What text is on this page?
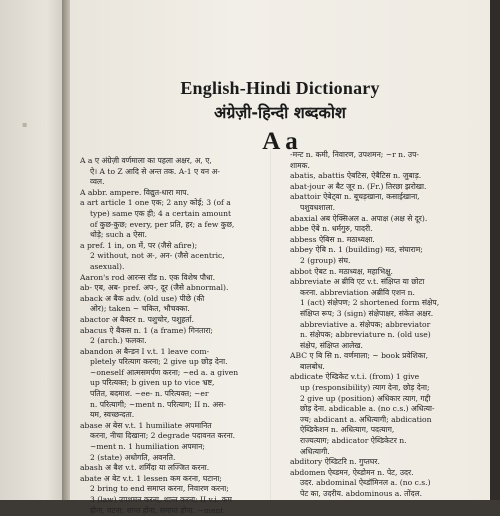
▪
English-Hindi Dictionary
अंग्रेज़ी-हिन्दी शब्दकोश
A a
A a ए अंग्रेज़ी वर्णमाला का पहला अक्षर, अ, ए,
ऐ। A to Z आदि से अन्त तक. A-1 ए वन अ-
व्वल.
A abbr. ampere. विद्युत-धारा माप.
a art article 1 one एक; 2 any कोई; 3 (of a
type) same एक ही; 4 a certain amount
of कुछ-कुछ; every, per प्रति, हर; a few कुछ,
थोड़े; such a ऐसा.
a pref. 1 in, on में, पर (जैसे afire);
2 without, not अ-, अन- (जैसे acentric,
asexual).
Aaron's rod आरन्स रॉड n. एक विशेष पौधा.
ab- एब, अब- pref. अप-, दूर (जैसे abnormal).
aback अ बैक adv. (old use) पीछे (की
ओर); taken ~ चकित, भौचक्का.
abactor अ बैक्टर n. पशुचोर, पशुहर्ता.
abacus ऐ बैकस n. 1 (a frame) गिनतारा;
2 (arch.) फलका.
abandon अ बैन्डन I v.t. 1 leave com-
pletely परित्याग करना; 2 give up छोड़ देना.
~oneself आत्मसमर्पण करना; ~ed a. a given
up परित्यक्त; b given up to vice भ्रष्ट,
पतित, बदमाश. ~ee- n. परित्यक्त; ~er
n. परित्यागी; ~ment n. परित्याग; II n. अस-
यम, स्वच्छन्दता.
abase अ बेस v.t. 1 humiliate अपमानित
करना, नीचा दिखाना; 2 degrade पदावनत करना.
~ment n. 1 humiliation अपमान;
2 (state) अधोगति, अवनति.
abash अ बैश v.t. शर्मिंदा या लज्जित करना.
abate अ बेट v.t. 1 lessen कम करना, घटाना;
2 bring to end समाप्त करना, निवारण करना;
3 (law) उपशमन करना, शान्त करना; II v.i. कम
होना, घटना; शान्त होना, समाप्त होना. ~ment
-मन्ट n. कमी, निवारण, उपशमन; ~r n. उप-
शामक.
abatis, abattis ऐबटिस, ऐबैटिस n. जुबाड़.
abat-jour अ बैट जूर n. (Fr.) तिरछा झरोखा.
abattoir ऐबेट्वा n. बूचड़खाना, कसाईखाना,
पशुवधशाला.
abaxial अब ऐक्सिअल a. अपाक्ष (अक्ष से दूर).
abbe ऐबे n. धर्मगुरु, पादरी.
abbess ऐबिस n. मठाध्यक्षा.
abbey ऐबि n. 1 (building) मठ, संघाराम;
2 (group) संघ.
abbot ऐबट n. मठाध्यक्ष, महाभिक्षु.
abbreviate अ ब्रीवि एट v.t. संक्षिप्त या छोटा
करना. abbreviation अब्रीवि एशन n.
1 (act) संक्षेपण; 2 shortened form संक्षेप,
संक्षिप्त रूप; 3 (sign) संक्षेपाक्षर, संकेत अक्षर.
abbreviative a. संक्षेपक; abbreviator
n. संक्षेपक; abbreviature n. (old use)
संक्षेप, संक्षिप्त आलेख.
ABC ए बि सि n. वर्णमाला; ~ book प्रवेशिका,
बालबोध.
abdicate ऐब्डिकेट v.t.i. (from) 1 give
up (responsibility) त्याग देना, छोड़ देना;
2 give up (position) अधिकार त्याग, गद्दी
छोड़ देना. abdicable a. (no c.s.) अधित्या-
ज्य; abdicant a. अधित्यागी; abdication
ऐब्डिकेशन n. अधित्याग, पदत्याग,
राज्यत्याग; abdicator ऐब्डिकेटर n.
अधित्यागी.
abditory ऐब्डिटरि n. गुप्तघर.
abdomen ऐब्डमन, ऐब्डोमन n. पेट, उदर.
उदर. abdominal ऐब्डॉमिनल a. (no c.s.)
पेट का, उदरीय. abdominous a. तोंदल.
